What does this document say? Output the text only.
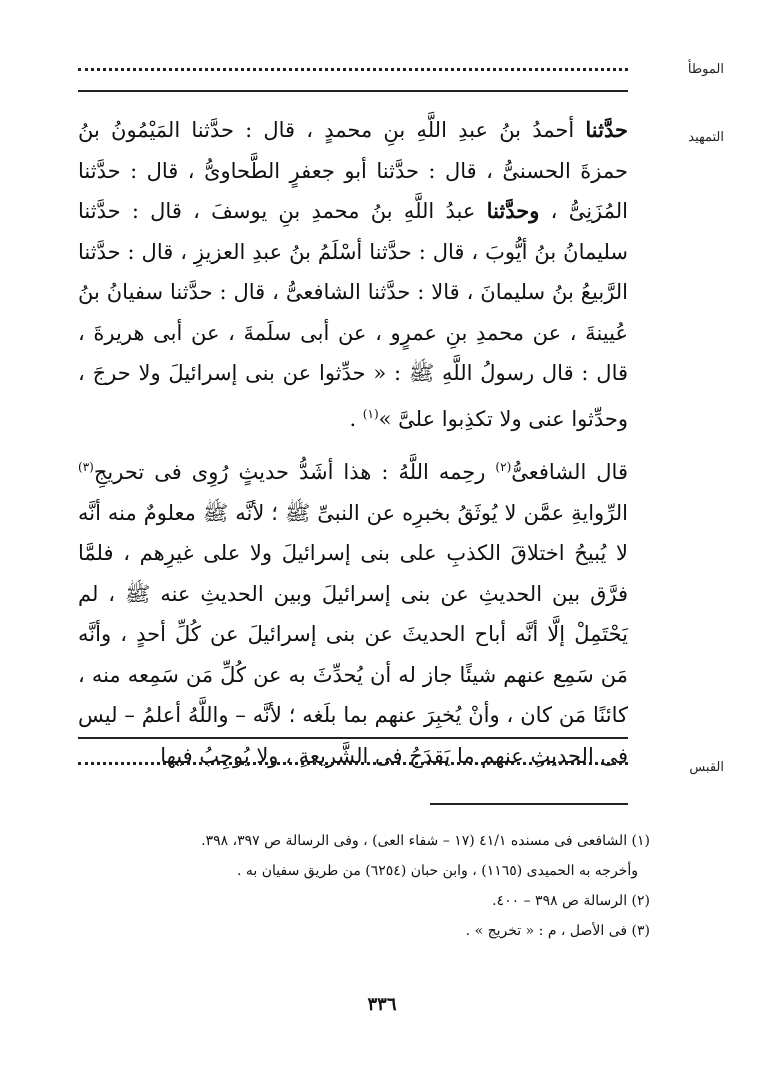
الموطأ
التمهيد

حدَّثنا أحمدُ بنُ عبدِ اللَّهِ بنِ محمدٍ ، قال : حدَّثنا المَيْمُونُ بنُ حمزةَ الحسنىُّ ، قال : حدَّثنا أبو جعفرٍ الطَّحاوىُّ ، قال : حدَّثنا المُزَنِىُّ ، وحدَّثنا عبدُ اللَّهِ بنُ محمدِ بنِ يوسفَ ، قال : حدَّثنا سليمانُ بنُ أيُّوبَ ، قال : حدَّثنا أسْلَمُ بنُ عبدِ العزيزِ ، قال : حدَّثنا الرَّبيعُ بنُ سليمانَ ، قالا : حدَّثنا الشافعىُّ ، قال : حدَّثنا سفيانُ بنُ عُيينةَ ، عن محمدِ بنِ عمرٍو ، عن أبى سلَمةَ ، عن أبى هريرةَ ، قال : قال رسولُ اللَّهِ ﷺ : « حدِّثوا عن بنى إسرائيلَ ولا حرجَ ، وحدِّثوا عنى ولا تكذِبوا علىَّ »$^{(١)}$ .

قال الشافعىُّ$^{(٢)}$ رحِمه اللَّهُ : هذا أشَدُّ حديثٍ رُوِى فى تحريجِ$^{(٣)}$ الرِّوايةِ عمَّن لا يُوثَقُ بخبرِه عن النبىِّ ﷺ ؛ لأنَّه ﷺ معلومٌ منه أنَّه لا يُبيحُ اختلاقَ الكذبِ على بنى إسرائيلَ ولا على غيرِهم ، فلمَّا فرَّق بين الحديثِ عن بنى إسرائيلَ وبين الحديثِ عنه ﷺ ، لم يَحْتَمِلْ إلَّا أنَّه أباح الحديثَ عن بنى إسرائيلَ عن كُلِّ أحدٍ ، وأنَّه مَن سَمِع عنهم شيئًا جاز له أن يُحدِّثَ به عن كُلِّ مَن سَمِعه منه ، كائنًا مَن كان ، وأنْ يُخبِرَ عنهم بما بلَغه ؛ لأنَّه – واللَّهُ أعلمُ – ليس فى الحديثِ عنهم ما يَقدَحُ فى الشَّريعةِ ، ولا يُوجِبُ فيها	القبس
(١) الشافعى فى مسنده ٤١/١ (١٧ – شفاء العى) ، وفى الرسالة ص ٣٩٧، ٣٩٨.
وأخرجه به الحميدى (١١٦٥) ، وابن حبان (٦٢٥٤) من طريق سفيان به .
(٢) الرسالة ص ٣٩٨ – ٤٠٠.
(٣) فى الأصل ، م : « تخريج » .
٣٣٦
